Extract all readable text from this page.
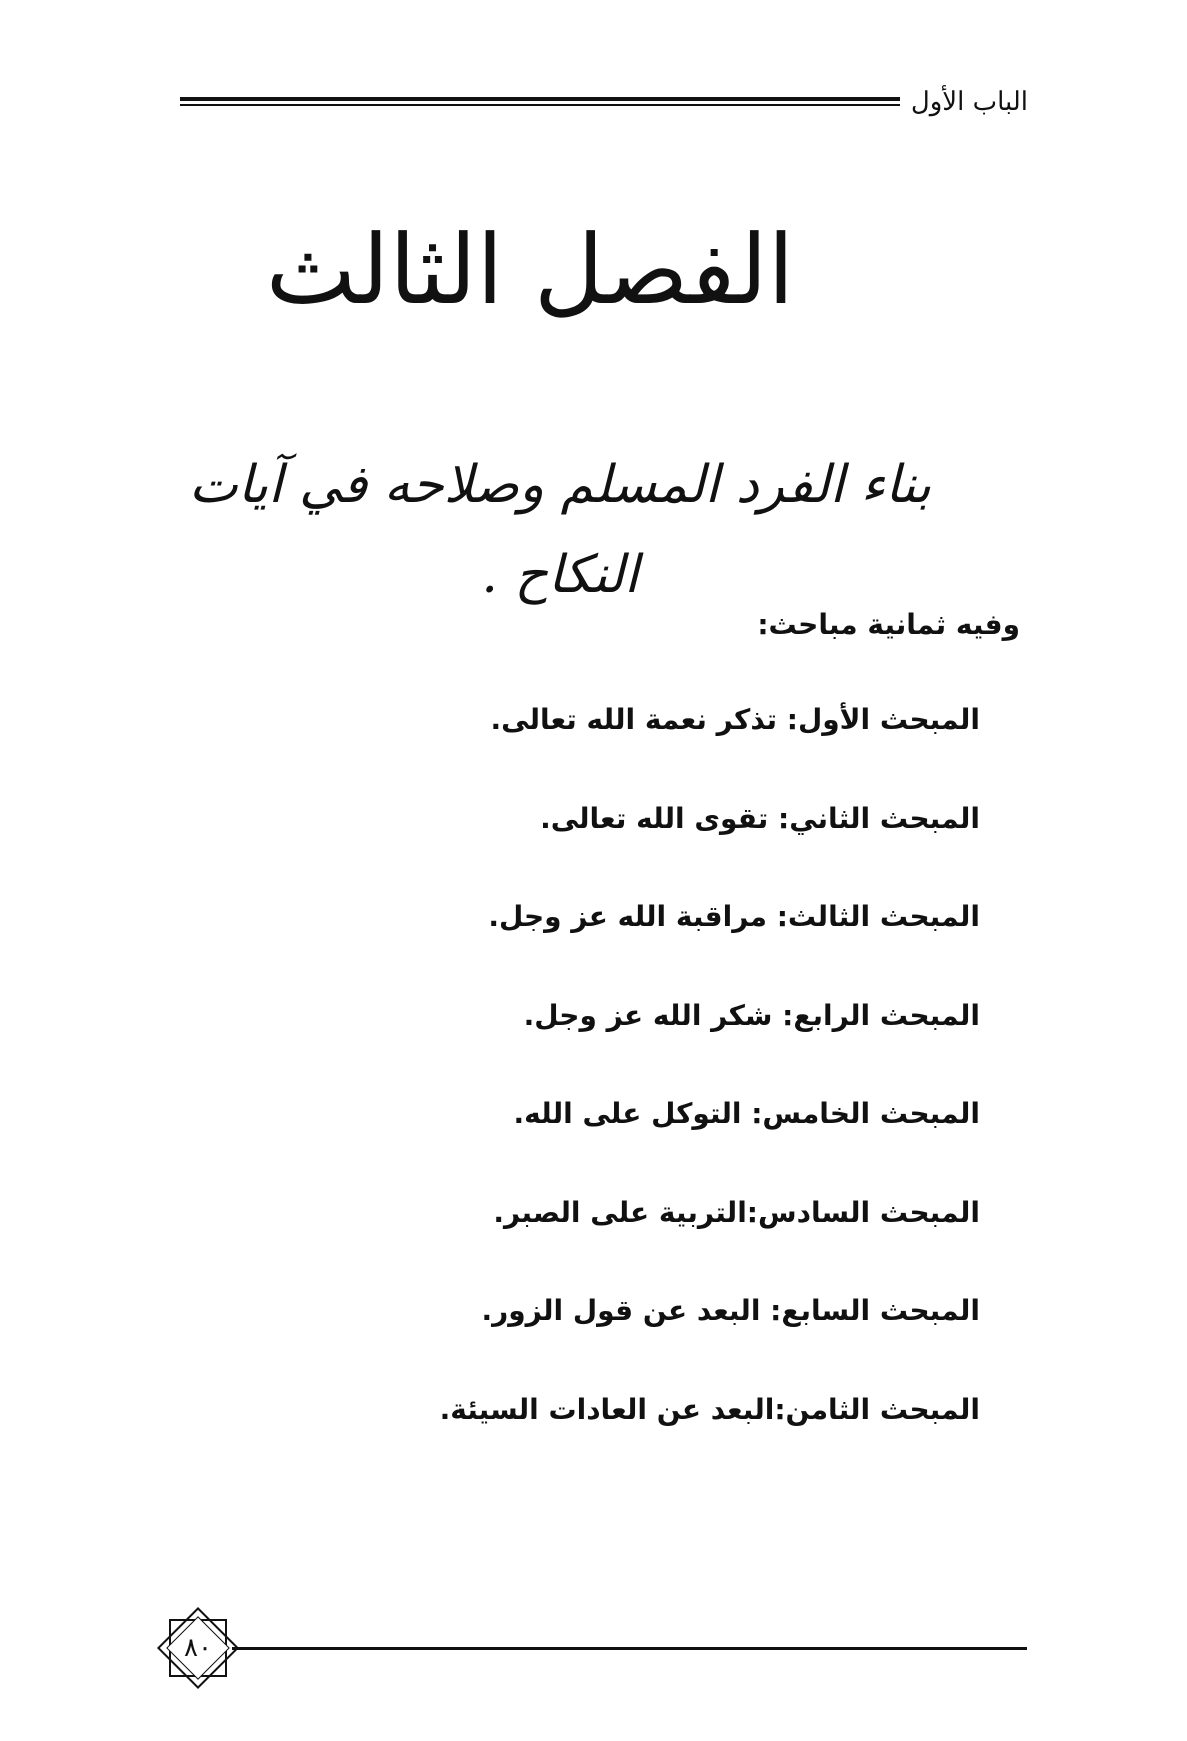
الباب الأول
الفصل الثالث
بناء الفرد المسلم وصلاحه في آيات النكاح .
وفيه ثمانية مباحث:
المبحث الأول: تذكر نعمة الله تعالى.
المبحث الثاني: تقوى الله تعالى.
المبحث الثالث: مراقبة الله عز وجل.
المبحث الرابع: شكر الله عز وجل.
المبحث الخامس: التوكل على الله.
المبحث السادس:التربية على الصبر.
المبحث السابع: البعد عن قول الزور.
المبحث الثامن:البعد عن العادات السيئة.
٨٠
